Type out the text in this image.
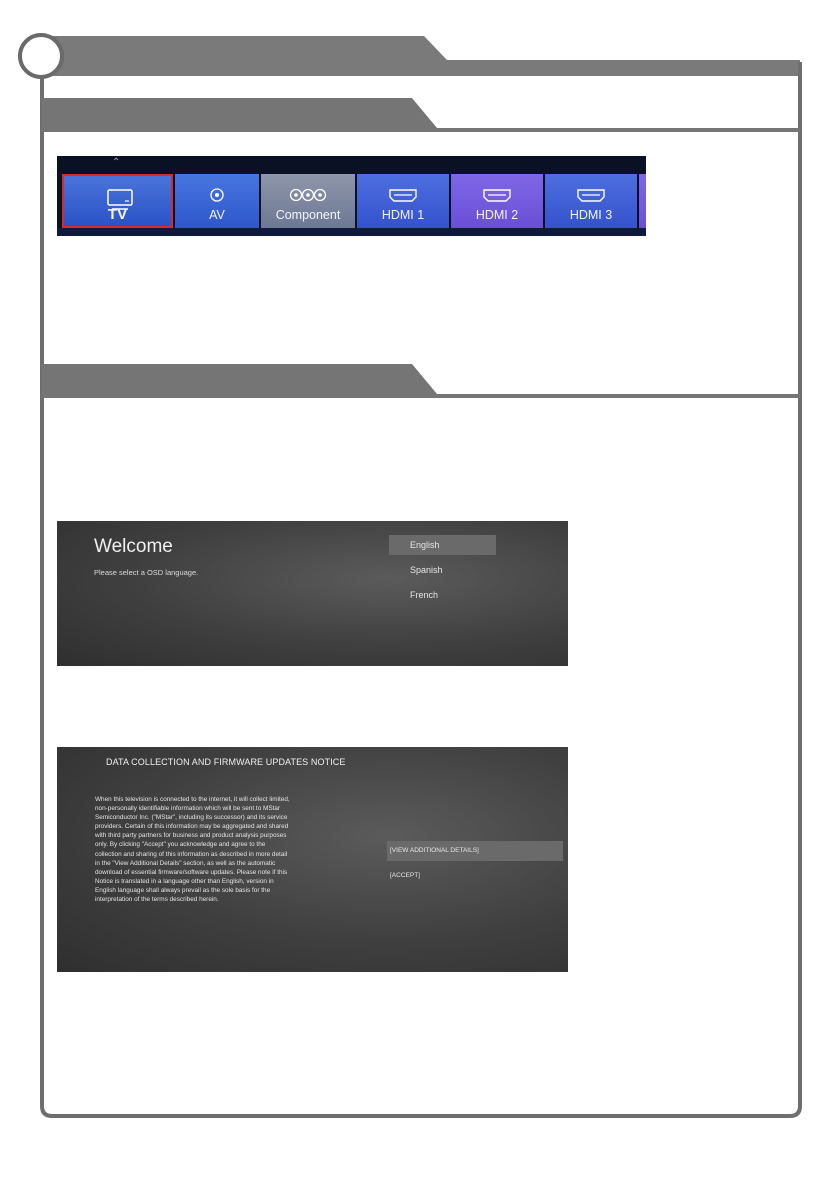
⌃
TV	AV	Component	HDMI 1	HDMI 2	HDMI 3
Welcome
Please select a OSD language.
English
Spanish
French
DATA COLLECTION AND FIRMWARE UPDATES NOTICE
When this television is connected to the internet, it will collect limited,
non-personally identifiable information which will be sent to MStar
Semiconductor Inc. ("MStar", including its successor) and its service
providers. Certain of this information may be aggregated and shared
with third party partners for business and product analysis purposes
only. By clicking "Accept" you acknowledge and agree to the
collection and sharing of this information as described in more detail
in the "View Additional Details" section, as well as the automatic
download of essential firmware/software updates. Please note if this
Notice is translated in a language other than English, version in
English language shall always prevail as the sole basis for the
interpretation of the terms described herein.
[VIEW ADDITIONAL DETAILS]
[ACCEPT]
